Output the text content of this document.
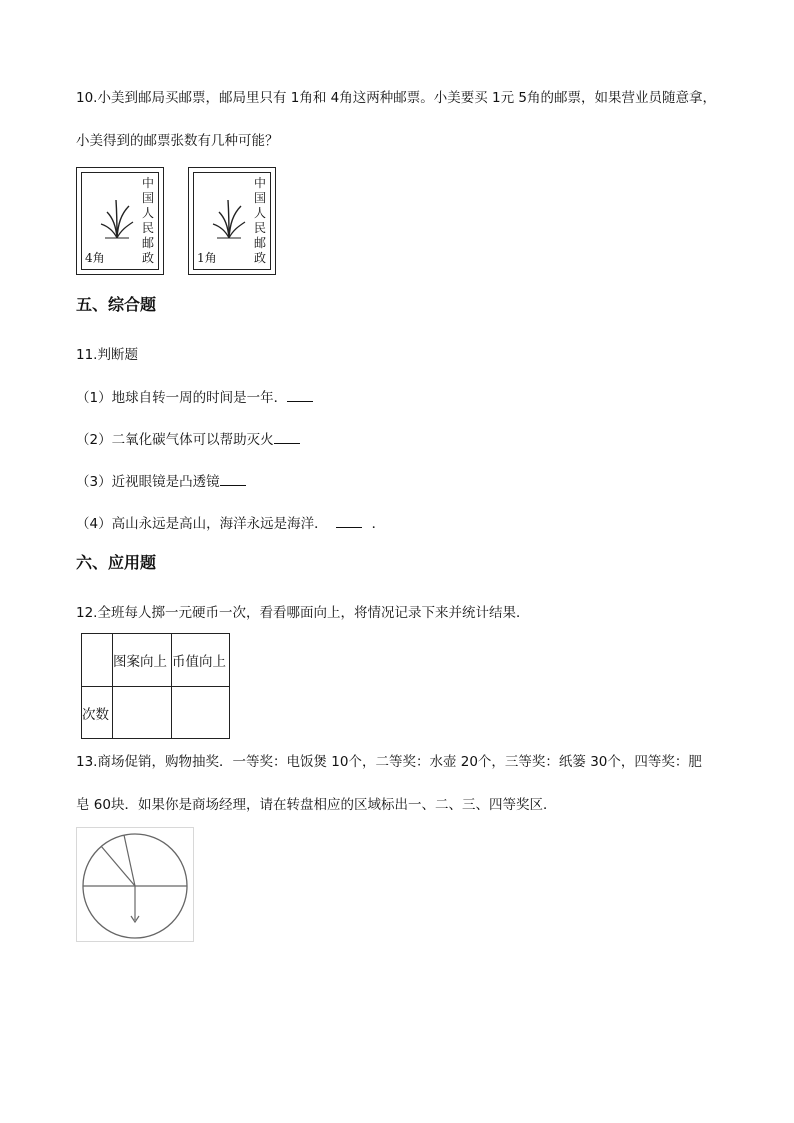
10.小美到邮局买邮票，邮局里只有 1角和 4角这两种邮票。小美要买 1元 5角的邮票，如果营业员随意拿，
小美得到的邮票张数有几种可能？
中
国
人
民
邮
政
4角
中
国
人
民
邮
政
1角
五、综合题
11.判断题
（1）地球自转一周的时间是一年．
（2）二氧化碳气体可以帮助灭火
（3）近视眼镜是凸透镜
（4）高山永远是高山，海洋永远是海洋．	．
六、应用题
12.全班每人掷一元硬币一次，看看哪面向上，将情况记录下来并统计结果．
	图案向上	币值向上
次数		
13.商场促销，购物抽奖．一等奖：电饭煲 10个，二等奖：水壶 20个，三等奖：纸篓 30个，四等奖：肥
皂 60块．如果你是商场经理，请在转盘相应的区域标出一、二、三、四等奖区．
